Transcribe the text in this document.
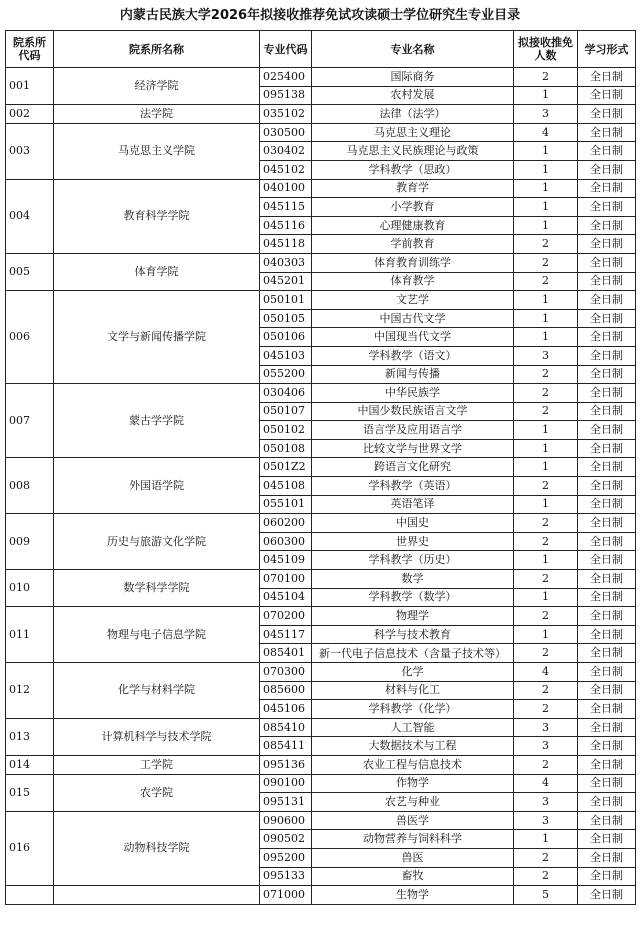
内蒙古民族大学2026年拟接收推荐免试攻读硕士学位研究生专业目录
院系所代码	院系所名称	专业代码	专业名称	拟接收推免人数	学习形式
001	经济学院	025400	国际商务	2	全日制
		095138	农村发展	1	全日制
002	法学院	035102	法律（法学）	3	全日制
003	马克思主义学院	030500	马克思主义理论	4	全日制
		030402	马克思主义民族理论与政策	1	全日制
		045102	学科教学（思政）	1	全日制
004	教育科学学院	040100	教育学	1	全日制
		045115	小学教育	1	全日制
		045116	心理健康教育	1	全日制
		045118	学前教育	2	全日制
005	体育学院	040303	体育教育训练学	2	全日制
		045201	体育教学	2	全日制
006	文学与新闻传播学院	050101	文艺学	1	全日制
		050105	中国古代文学	1	全日制
		050106	中国现当代文学	1	全日制
		045103	学科教学（语文）	3	全日制
		055200	新闻与传播	2	全日制
007	蒙古学学院	030406	中华民族学	2	全日制
		050107	中国少数民族语言文学	2	全日制
		050102	语言学及应用语言学	1	全日制
		050108	比较文学与世界文学	1	全日制
008	外国语学院	0501Z2	跨语言文化研究	1	全日制
		045108	学科教学（英语）	2	全日制
		055101	英语笔译	1	全日制
009	历史与旅游文化学院	060200	中国史	2	全日制
		060300	世界史	2	全日制
		045109	学科教学（历史）	1	全日制
010	数学科学学院	070100	数学	2	全日制
		045104	学科教学（数学）	1	全日制
011	物理与电子信息学院	070200	物理学	2	全日制
		045117	科学与技术教育	1	全日制
		085401	新一代电子信息技术（含量子技术等）	2	全日制
012	化学与材料学院	070300	化学	4	全日制
		085600	材料与化工	2	全日制
		045106	学科教学（化学）	2	全日制
013	计算机科学与技术学院	085410	人工智能	3	全日制
		085411	大数据技术与工程	3	全日制
014	工学院	095136	农业工程与信息技术	2	全日制
015	农学院	090100	作物学	4	全日制
		095131	农艺与种业	3	全日制
016	动物科技学院	090600	兽医学	3	全日制
		090502	动物营养与饲料科学	1	全日制
		095200	兽医	2	全日制
		095133	畜牧	2	全日制
		071000	生物学	5	全日制
